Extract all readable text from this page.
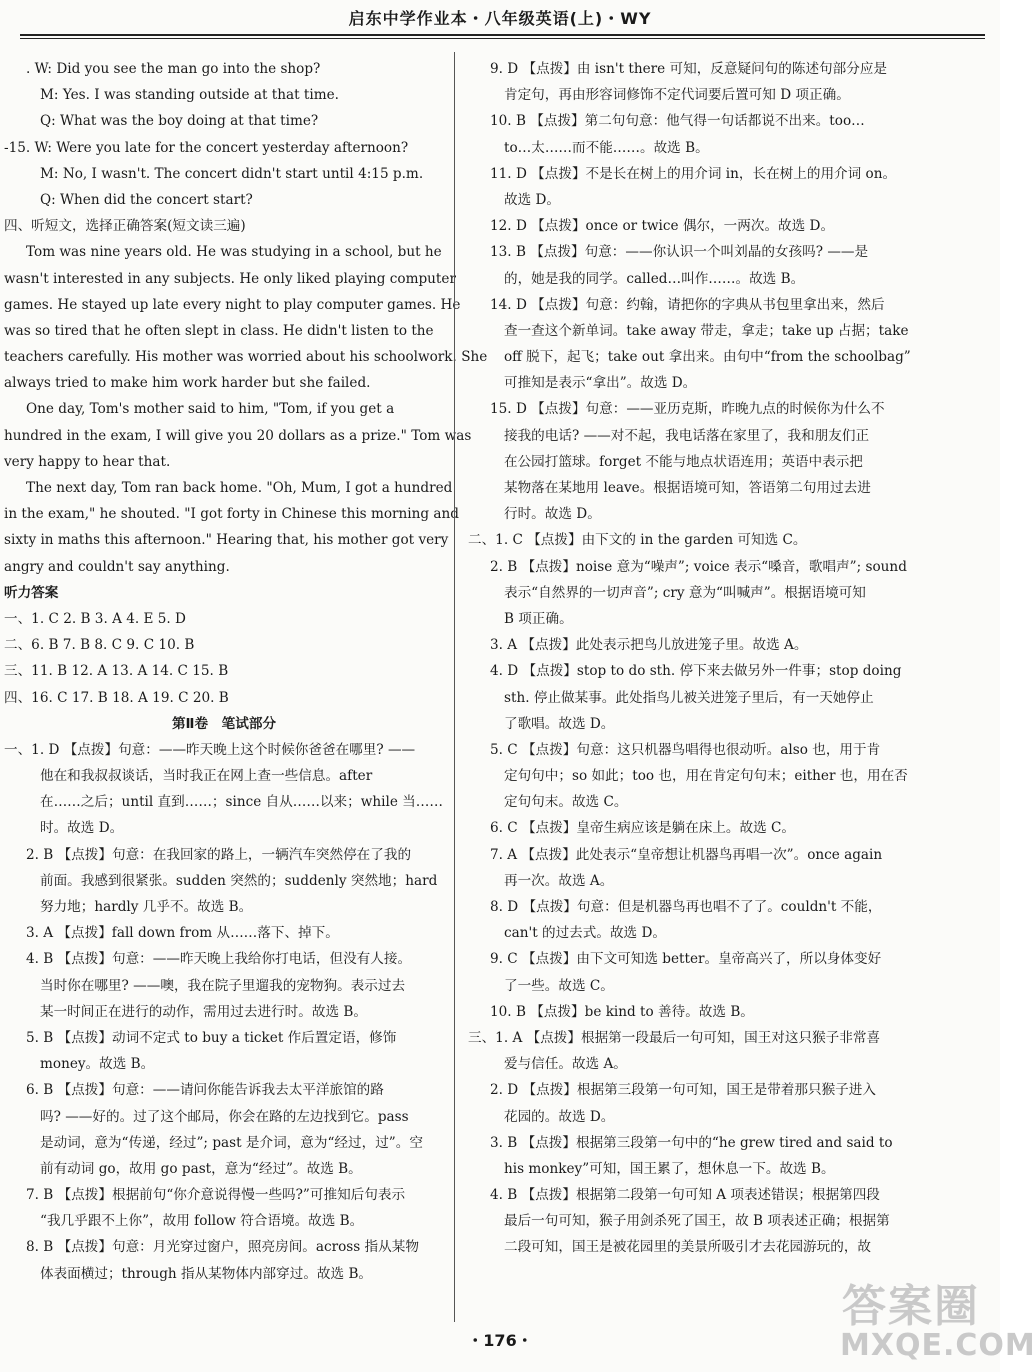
启东中学作业本・八年级英语(上)・WY
. W: Did you see the man go into the shop?
M: Yes. I was standing outside at that time.
Q: What was the boy doing at that time?
-15. W: Were you late for the concert yesterday afternoon?
M: No, I wasn't. The concert didn't start until 4:15 p.m.
Q: When did the concert start?
四、听短文，选择正确答案(短文读三遍)
Tom was nine years old. He was studying in a school, but he
wasn't interested in any subjects. He only liked playing computer
games. He stayed up late every night to play computer games. He
was so tired that he often slept in class. He didn't listen to the
teachers carefully. His mother was worried about his schoolwork. She
always tried to make him work harder but she failed.
One day, Tom's mother said to him, "Tom, if you get a
hundred in the exam, I will give you 20 dollars as a prize." Tom was
very happy to hear that.
The next day, Tom ran back home. "Oh, Mum, I got a hundred
in the exam," he shouted. "I got forty in Chinese this morning and
sixty in maths this afternoon." Hearing that, his mother got very
angry and couldn't say anything.
听力答案
一、1. C 2. B 3. A 4. E 5. D
二、6. B 7. B 8. C 9. C 10. B
三、11. B 12. A 13. A 14. C 15. B
四、16. C 17. B 18. A 19. C 20. B
第Ⅱ卷　笔试部分
一、1. D 【点拨】句意：——昨天晚上这个时候你爸爸在哪里? ——
他在和我叔叔谈话，当时我正在网上查一些信息。after
在……之后；until 直到……；since 自从……以来；while 当……
时。故选 D。
2. B 【点拨】句意：在我回家的路上，一辆汽车突然停在了我的
前面。我感到很紧张。sudden 突然的；suddenly 突然地；hard
努力地；hardly 几乎不。故选 B。
3. A 【点拨】fall down from 从……落下、掉下。
4. B 【点拨】句意：——昨天晚上我给你打电话，但没有人接。
当时你在哪里? ——噢，我在院子里遛我的宠物狗。表示过去
某一时间正在进行的动作，需用过去进行时。故选 B。
5. B 【点拨】动词不定式 to buy a ticket 作后置定语，修饰
money。故选 B。
6. B 【点拨】句意：——请问你能告诉我去太平洋旅馆的路
吗? ——好的。过了这个邮局，你会在路的左边找到它。pass
是动词，意为“传递，经过”; past 是介词，意为“经过，过”。空
前有动词 go，故用 go past，意为“经过”。故选 B。
7. B 【点拨】根据前句“你介意说得慢一些吗?”可推知后句表示
“我几乎跟不上你”，故用 follow 符合语境。故选 B。
8. B 【点拨】句意：月光穿过窗户，照亮房间。across 指从某物
体表面横过；through 指从某物体内部穿过。故选 B。
9. D 【点拨】由 isn't there 可知，反意疑问句的陈述句部分应是
肯定句，再由形容词修饰不定代词要后置可知 D 项正确。
10. B 【点拨】第二句句意：他气得一句话都说不出来。too…
to…太……而不能……。故选 B。
11. D 【点拨】不是长在树上的用介词 in，长在树上的用介词 on。
故选 D。
12. D 【点拨】once or twice 偶尔，一两次。故选 D。
13. B 【点拨】句意：——你认识一个叫刘晶的女孩吗? ——是
的，她是我的同学。called…叫作……。故选 B。
14. D 【点拨】句意：约翰，请把你的字典从书包里拿出来，然后
查一查这个新单词。take away 带走，拿走；take up 占据；take
off 脱下，起飞；take out 拿出来。由句中“from the schoolbag”
可推知是表示“拿出”。故选 D。
15. D 【点拨】句意：——亚历克斯，昨晚九点的时候你为什么不
接我的电话? ——对不起，我电话落在家里了，我和朋友们正
在公园打篮球。forget 不能与地点状语连用；英语中表示把
某物落在某地用 leave。根据语境可知，答语第二句用过去进
行时。故选 D。
二、1. C 【点拨】由下文的 in the garden 可知选 C。
2. B 【点拨】noise 意为“噪声”; voice 表示“嗓音，歌唱声”; sound
表示“自然界的一切声音”; cry 意为“叫喊声”。根据语境可知
B 项正确。
3. A 【点拨】此处表示把鸟儿放进笼子里。故选 A。
4. D 【点拨】stop to do sth. 停下来去做另外一件事；stop doing
sth. 停止做某事。此处指鸟儿被关进笼子里后，有一天她停止
了歌唱。故选 D。
5. C 【点拨】句意：这只机器鸟唱得也很动听。also 也，用于肯
定句句中；so 如此；too 也，用在肯定句句末；either 也，用在否
定句句末。故选 C。
6. C 【点拨】皇帝生病应该是躺在床上。故选 C。
7. A 【点拨】此处表示“皇帝想让机器鸟再唱一次”。once again
再一次。故选 A。
8. D 【点拨】句意：但是机器鸟再也唱不了了。couldn't 不能，
can't 的过去式。故选 D。
9. C 【点拨】由下文可知选 better。皇帝高兴了，所以身体变好
了一些。故选 C。
10. B 【点拨】be kind to 善待。故选 B。
三、1. A 【点拨】根据第一段最后一句可知，国王对这只猴子非常喜
爱与信任。故选 A。
2. D 【点拨】根据第三段第一句可知，国王是带着那只猴子进入
花园的。故选 D。
3. B 【点拨】根据第三段第一句中的“he grew tired and said to
his monkey”可知，国王累了，想休息一下。故选 B。
4. B 【点拨】根据第二段第一句可知 A 项表述错误；根据第四段
最后一句可知，猴子用剑杀死了国王，故 B 项表述正确；根据第
二段可知，国王是被花园里的美景所吸引才去花园游玩的，故
・176・
答案圈
MXQE.COM
